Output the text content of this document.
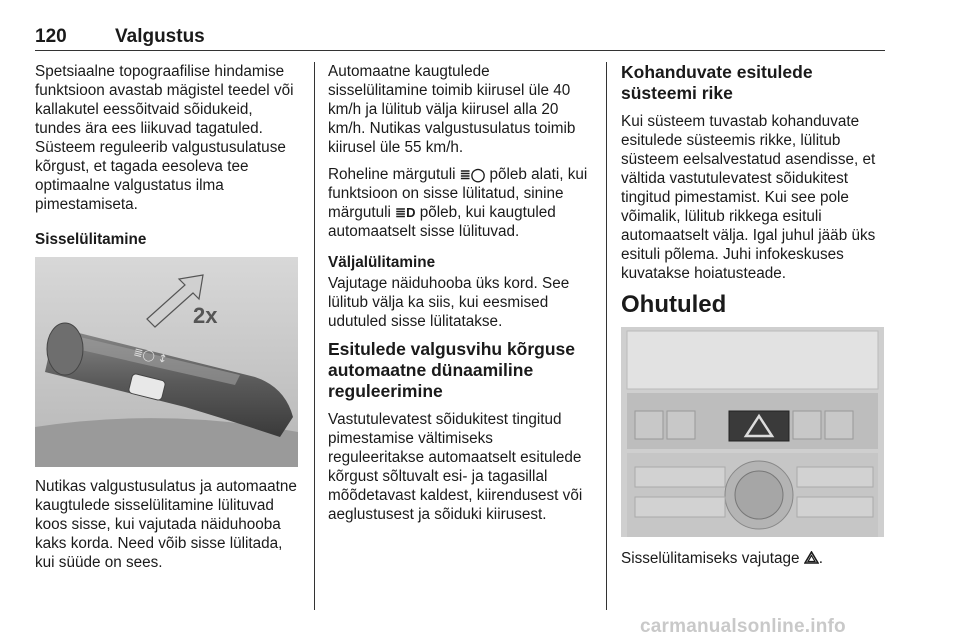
120	Valgustus

Spetsiaalne topograafilise hindamise funktsioon avastab mägistel teedel või kallakutel eessõitvaid sõidukeid, tundes ära ees liikuvad tagatuled. Süsteem reguleerib valgustusulatuse kõrgust, et tagada eesoleva tee optimaalne valgustatus ilma pimestamiseta.

Sisselülitamine

≣◯ ↕
2x

Nutikas valgustusulatus ja automaatne kaugtulede sisselülitamine lülituvad koos sisse, kui vajutada näiduhooba kaks korda. Need võib sisse lülitada, kui süüde on sees.

Automaatne kaugtulede sisselülitamine toimib kiirusel üle 40 km/h ja lülitub välja kiirusel alla 20 km/h. Nutikas valgustusulatus toimib kiirusel üle 55 km/h.

Roheline märgutuli ≣◯ põleb alati, kui funktsioon on sisse lülitatud, sinine märgutuli ≣D põleb, kui kaugtuled automaatselt sisse lülituvad.

Väljalülitamine

Vajutage näiduhooba üks kord. See lülitub välja ka siis, kui eesmised udutuled sisse lülitatakse.

Esitulede valgusvihu kõrguse automaatne dünaamiline reguleerimine

Vastutulevatest sõidukitest tingitud pimestamise vältimiseks reguleeritakse automaatselt esitulede kõrgust sõltuvalt esi- ja tagasillal mõõdetavast kaldest, kiirendusest või aeglustusest ja sõiduki kiirusest.

Kohanduvate esitulede süsteemi rike

Kui süsteem tuvastab kohanduvate esitulede süsteemis rikke, lülitub süsteem eelsalvestatud asendisse, et vältida vastutulevatest sõidukitest tingitud pimestamist. Kui see pole võimalik, lülitub rikkega esituli automaatselt välja. Igal juhul jääb üks esituli põlema. Juhi infokeskuses kuvatakse hoiatusteade.

Ohutuled

Sisselülitamiseks vajutage .

carmanualsonline.info
